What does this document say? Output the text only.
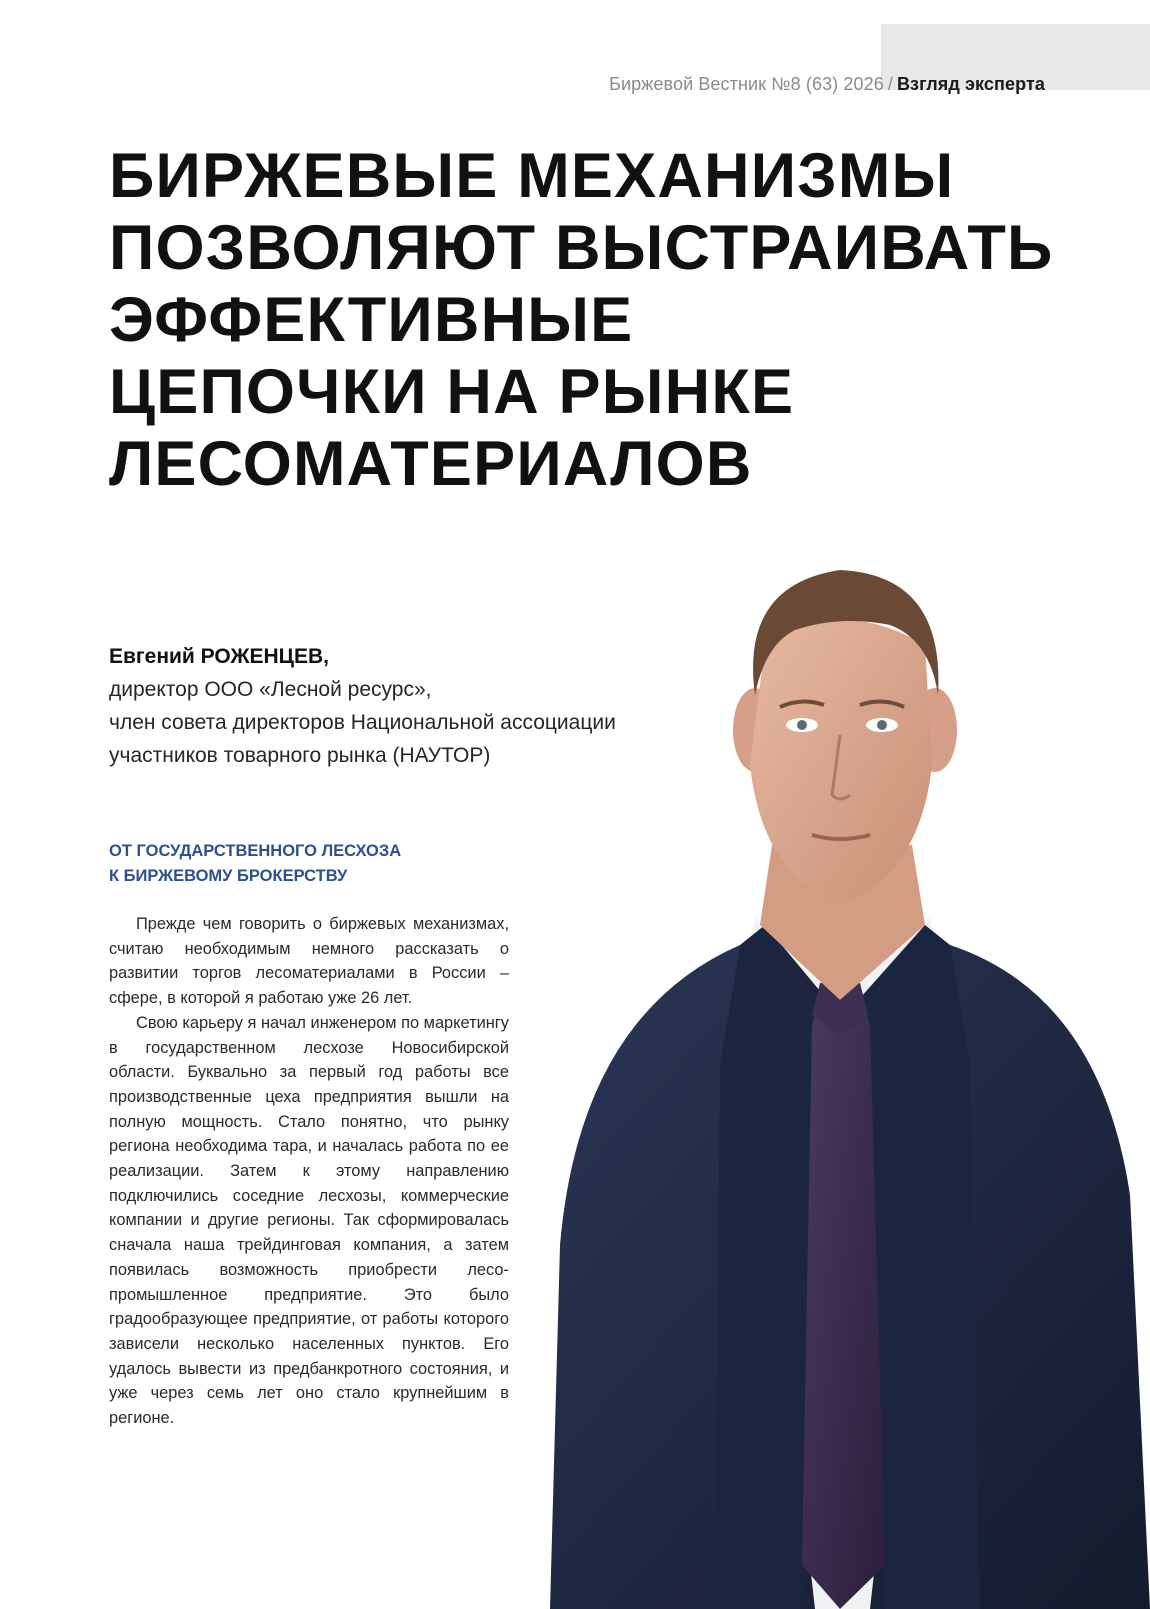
Биржевой Вестник №8 (63) 2026 / Взгляд эксперта
БИРЖЕВЫЕ МЕХАНИЗМЫ
ПОЗВОЛЯЮТ ВЫСТРАИВАТЬ
ЭФФЕКТИВНЫЕ
ЦЕПОЧКИ НА РЫНКЕ
ЛЕСОМАТЕРИАЛОВ
Евгений РОЖЕНЦЕВ,
директор ООО «Лесной ресурс»,
член совета директоров Национальной ассоциации
участников товарного рынка (НАУТОР)
ОТ ГОСУДАРСТВЕННОГО ЛЕСХОЗА
К БИРЖЕВОМУ БРОКЕРСТВУ

Прежде чем говорить о биржевых механизмах, считаю необходимым немного рассказать о развитии торгов лесоматериалами в России – сфере, в которой я работаю уже 26 лет.

Свою карьеру я начал инженером по маркетингу в государственном лесхозе Новосибирской области. Буквально за первый год работы все производственные цеха предприятия вышли на полную мощность. Стало понятно, что рынку региона необходима тара, и началась работа по ее реализации. Затем к этому направлению подключились соседние лесхозы, коммерческие компании и другие регионы. Так сформировалась сначала наша трейдинговая компания, а затем появилась возможность приобрести лесопромышленное предприятие. Это было градообразующее предприятие, от работы которого зависели несколько населенных пунктов. Его удалось вывести из предбанкротного состояния, и уже через семь лет оно стало крупнейшим в регионе.
